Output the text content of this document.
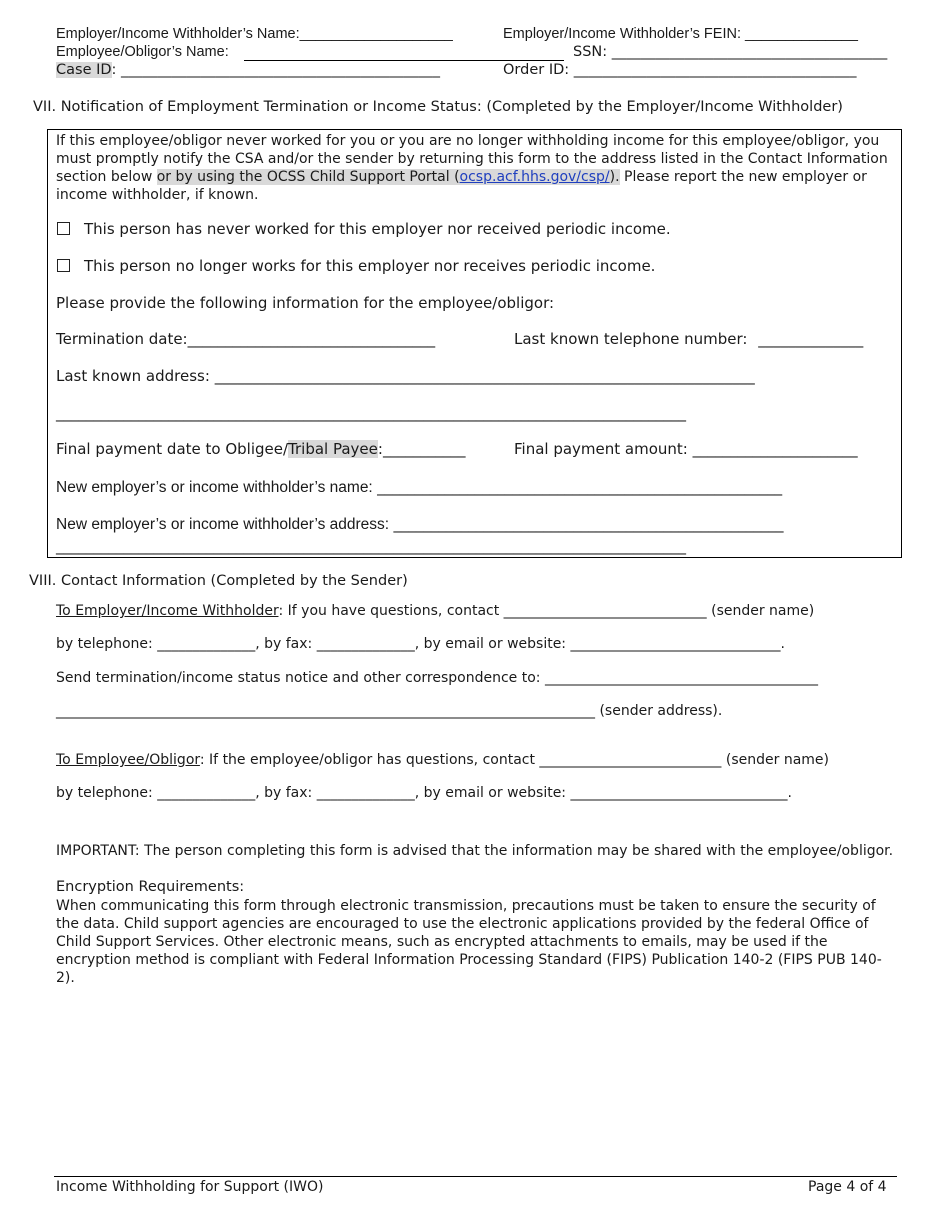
Employer/Income Withholder’s Name:___________________	Employer/Income Withholder’s FEIN: ______________
Employee/Obligor’s Name:	SSN: ______________________________________
Case ID: ____________________________________________	Order ID: _______________________________________
VII. Notification of Employment Termination or Income Status: (Completed by the Employer/Income Withholder)
If this employee/obligor never worked for you or you are no longer withholding income for this employee/obligor, you must promptly notify the CSA and/or the sender by returning this form to the address listed in the Contact Information section below or by using the OCSS Child Support Portal (ocsp.acf.hhs.gov/csp/). Please report the new employer or income withholder, if known.
This person has never worked for this employer nor received periodic income.
This person no longer works for this employer nor receives periodic income.
Please provide the following information for the employee/obligor:
Termination date:_________________________________	Last known telephone number: ______________
Last known address: ________________________________________________________________________
____________________________________________________________________________________
Final payment date to Obligee/Tribal Payee:___________	Final payment amount: ______________________
New employer’s or income withholder’s name: ______________________________________________________
New employer’s or income withholder’s address: ____________________________________________________
____________________________________________________________________________________
VIII. Contact Information (Completed by the Sender)
To Employer/Income Withholder: If you have questions, contact _____________________________ (sender name)
by telephone: ______________, by fax: ______________, by email or website: ______________________________.
Send termination/income status notice and other correspondence to: _______________________________________
_____________________________________________________________________________ (sender address).
To Employee/Obligor: If the employee/obligor has questions, contact __________________________ (sender name)
by telephone: ______________, by fax: ______________, by email or website: _______________________________.
IMPORTANT: The person completing this form is advised that the information may be shared with the employee/obligor.
Encryption Requirements:
When communicating this form through electronic transmission, precautions must be taken to ensure the security of the data. Child support agencies are encouraged to use the electronic applications provided by the federal Office of Child Support Services. Other electronic means, such as encrypted attachments to emails, may be used if the encryption method is compliant with Federal Information Processing Standard (FIPS) Publication 140-2 (FIPS PUB 140-2).
Income Withholding for Support (IWO)	Page 4 of 4
